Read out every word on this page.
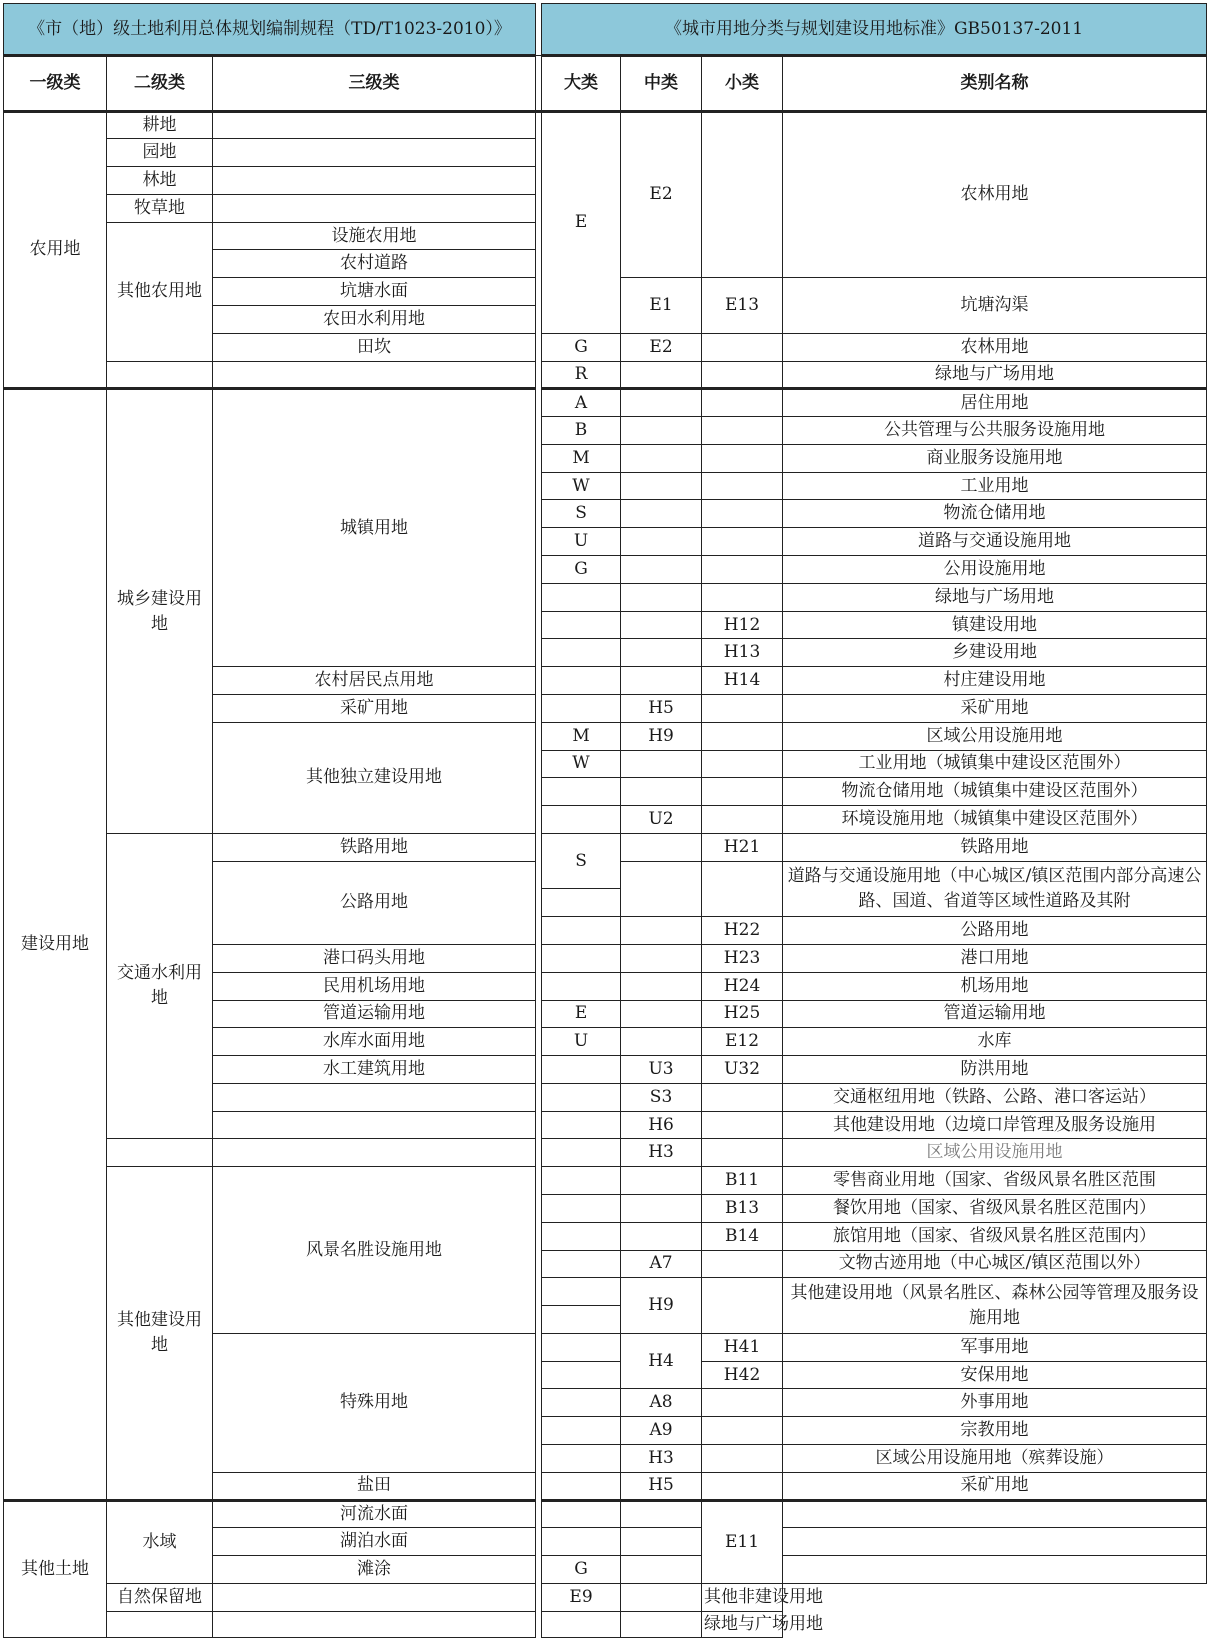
《市（地）级土地利用总体规划编制规程（TD/T1023-2010）》				《城市用地分类与规划建设用地标准》GB50137-2011			
一级类	二级类	三级类		大类	中类	小类	类别名称
农用地	耕地			E	E2		农林用地
	园地						
	林地						
	牧草地						
	其他农用地	设施农用地					
		农村道路					
		坑塘水面			E1	E13	坑塘沟渠
		农田水利用地					
		田坎		G	E2		农林用地
				R			绿地与广场用地
建设用地	城乡建设用地	城镇用地		A			居住用地
				B			公共管理与公共服务设施用地
				M			商业服务设施用地
				W			工业用地
				S			物流仓储用地
				U			道路与交通设施用地
				G			公用设施用地
							绿地与广场用地
						H12	镇建设用地
						H13	乡建设用地
		农村居民点用地				H14	村庄建设用地
		采矿用地			H5		采矿用地
		其他独立建设用地		M	H9		区域公用设施用地
				W			工业用地（城镇集中建设区范围外）
							物流仓储用地（城镇集中建设区范围外）
					U2		环境设施用地（城镇集中建设区范围外）
	交通水利用地	铁路用地		S		H21	铁路用地
		公路用地					道路与交通设施用地（中心城区/镇区范围内部分高速公路、国道、省道等区域性道路及其附

						H22	公路用地
		港口码头用地				H23	港口用地
		民用机场用地				H24	机场用地
		管道运输用地		E		H25	管道运输用地
		水库水面用地		U		E12	水库
		水工建筑用地			U3	U32	防洪用地
					S3		交通枢纽用地（铁路、公路、港口客运站）
					H6		其他建设用地（边境口岸管理及服务设施用
					H3		区域公用设施用地
	其他建设用地	风景名胜设施用地				B11	零售商业用地（国家、省级风景名胜区范围
						B13	餐饮用地（国家、省级风景名胜区范围内）
						B14	旅馆用地（国家、省级风景名胜区范围内）
					A7		文物古迹用地（中心城区/镇区范围以外）
					H9		其他建设用地（风景名胜区、森林公园等管理及服务设施用地

		特殊用地			H4	H41	军事用地
						H42	安保用地
					A8		外事用地
					A9		宗教用地
					H3		区域公用设施用地（殡葬设施）
		盐田			H5		采矿用地
其他土地	水域	河流水面				E11	
		湖泊水面					
		滩涂		G			
	自然保留地			E9		其他非建设用地	
						绿地与广场用地	
